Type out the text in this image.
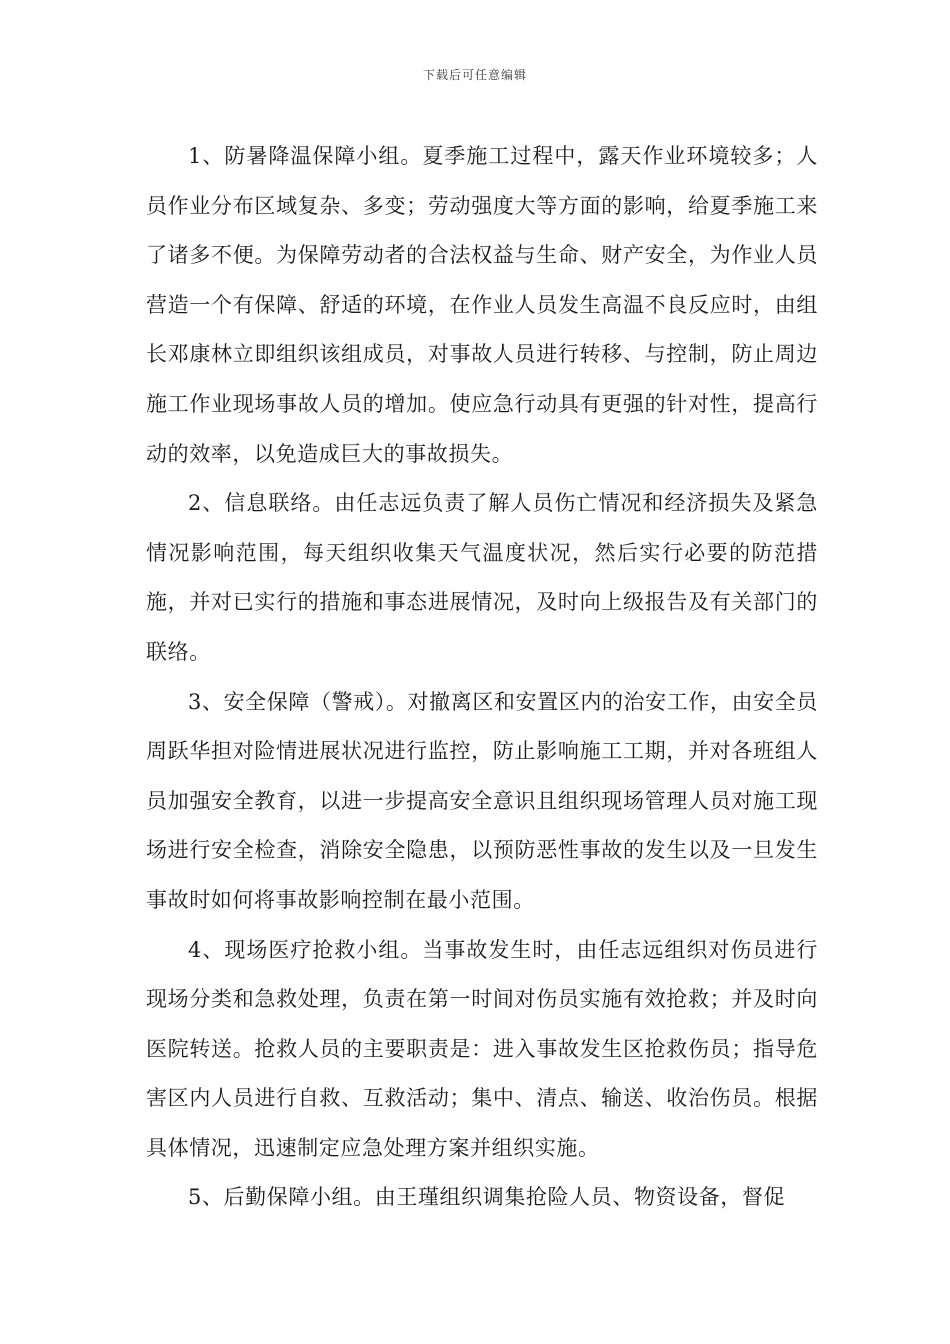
下载后可任意编辑

1、防暑降温保障小组。夏季施工过程中，露天作业环境较多；人员作业分布区域复杂、多变；劳动强度大等方面的影响，给夏季施工来了诸多不便。为保障劳动者的合法权益与生命、财产安全，为作业人员营造一个有保障、舒适的环境，在作业人员发生高温不良反应时，由组长邓康林立即组织该组成员，对事故人员进行转移、与控制，防止周边施工作业现场事故人员的增加。使应急行动具有更强的针对性，提高行动的效率，以免造成巨大的事故损失。

2、信息联络。由任志远负责了解人员伤亡情况和经济损失及紧急情况影响范围，每天组织收集天气温度状况，然后实行必要的防范措施，并对已实行的措施和事态进展情况，及时向上级报告及有关部门的联络。

3、安全保障（警戒）。对撤离区和安置区内的治安工作，由安全员周跃华担对险情进展状况进行监控，防止影响施工工期，并对各班组人员加强安全教育，以进一步提高安全意识且组织现场管理人员对施工现场进行安全检查，消除安全隐患，以预防恶性事故的发生以及一旦发生事故时如何将事故影响控制在最小范围。

4、现场医疗抢救小组。当事故发生时，由任志远组织对伤员进行现场分类和急救处理，负责在第一时间对伤员实施有效抢救；并及时向医院转送。抢救人员的主要职责是：进入事故发生区抢救伤员；指导危害区内人员进行自救、互救活动；集中、清点、输送、收治伤员。根据具体情况，迅速制定应急处理方案并组织实施。

5、后勤保障小组。由王瑾组织调集抢险人员、物资设备，督促
